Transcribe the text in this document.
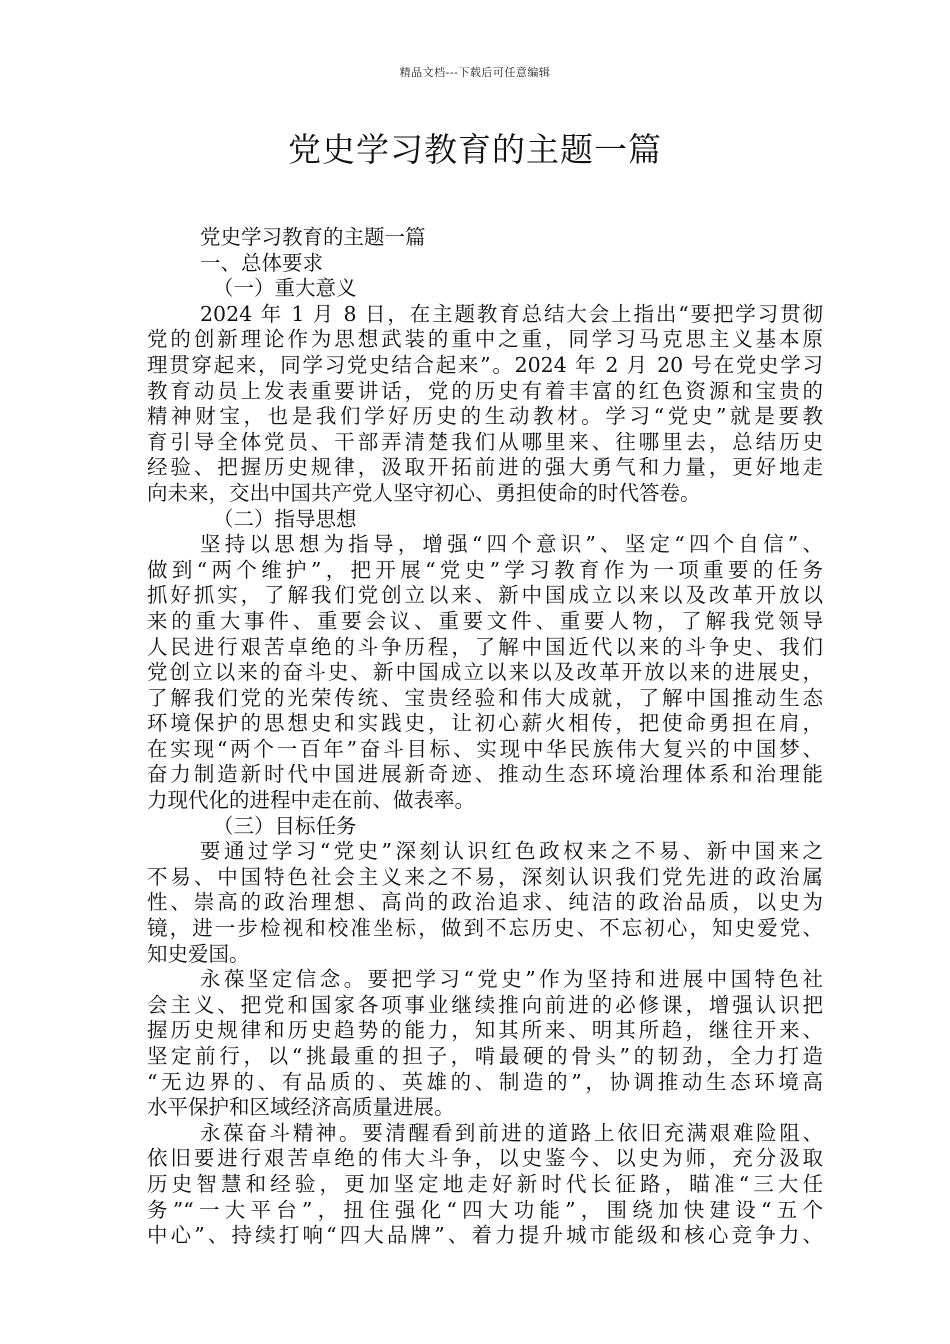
精品文档---下载后可任意编辑
党史学习教育的主题一篇
党史学习教育的主题一篇
一、总体要求
（一）重大意义
2024 年 1 月 8 日，在主题教育总结大会上指出“要把学习贯彻
党的创新理论作为思想武装的重中之重，同学习马克思主义基本原
理贯穿起来，同学习党史结合起来”。2024 年 2 月 20 号在党史学习
教育动员上发表重要讲话，党的历史有着丰富的红色资源和宝贵的
精神财宝，也是我们学好历史的生动教材。学习“党史”就是要教
育引导全体党员、干部弄清楚我们从哪里来、往哪里去，总结历史
经验、把握历史规律，汲取开拓前进的强大勇气和力量，更好地走
向未来，交出中国共产党人坚守初心、勇担使命的时代答卷。
（二）指导思想
坚持以思想为指导，增强“四个意识”、坚定“四个自信”、
做到“两个维护”，把开展“党史”学习教育作为一项重要的任务
抓好抓实，了解我们党创立以来、新中国成立以来以及改革开放以
来的重大事件、重要会议、重要文件、重要人物，了解我党领导
人民进行艰苦卓绝的斗争历程，了解中国近代以来的斗争史、我们
党创立以来的奋斗史、新中国成立以来以及改革开放以来的进展史，
了解我们党的光荣传统、宝贵经验和伟大成就，了解中国推动生态
环境保护的思想史和实践史，让初心薪火相传，把使命勇担在肩，
在实现“两个一百年”奋斗目标、实现中华民族伟大复兴的中国梦、
奋力制造新时代中国进展新奇迹、推动生态环境治理体系和治理能
力现代化的进程中走在前、做表率。
（三）目标任务
要通过学习“党史”深刻认识红色政权来之不易、新中国来之
不易、中国特色社会主义来之不易，深刻认识我们党先进的政治属
性、崇高的政治理想、高尚的政治追求、纯洁的政治品质，以史为
镜，进一步检视和校准坐标，做到不忘历史、不忘初心，知史爱党、
知史爱国。
永葆坚定信念。要把学习“党史”作为坚持和进展中国特色社
会主义、把党和国家各项事业继续推向前进的必修课，增强认识把
握历史规律和历史趋势的能力，知其所来、明其所趋，继往开来、
坚定前行，以“挑最重的担子，啃最硬的骨头”的韧劲，全力打造
“无边界的、有品质的、英雄的、制造的”，协调推动生态环境高
水平保护和区域经济高质量进展。
永葆奋斗精神。要清醒看到前进的道路上依旧充满艰难险阻、
依旧要进行艰苦卓绝的伟大斗争，以史鉴今、以史为师，充分汲取
历史智慧和经验，更加坚定地走好新时代长征路，瞄准“三大任
务”“一大平台”，扭住强化“四大功能”，围绕加快建设“五个
中心”、持续打响“四大品牌”、着力提升城市能级和核心竞争力、
